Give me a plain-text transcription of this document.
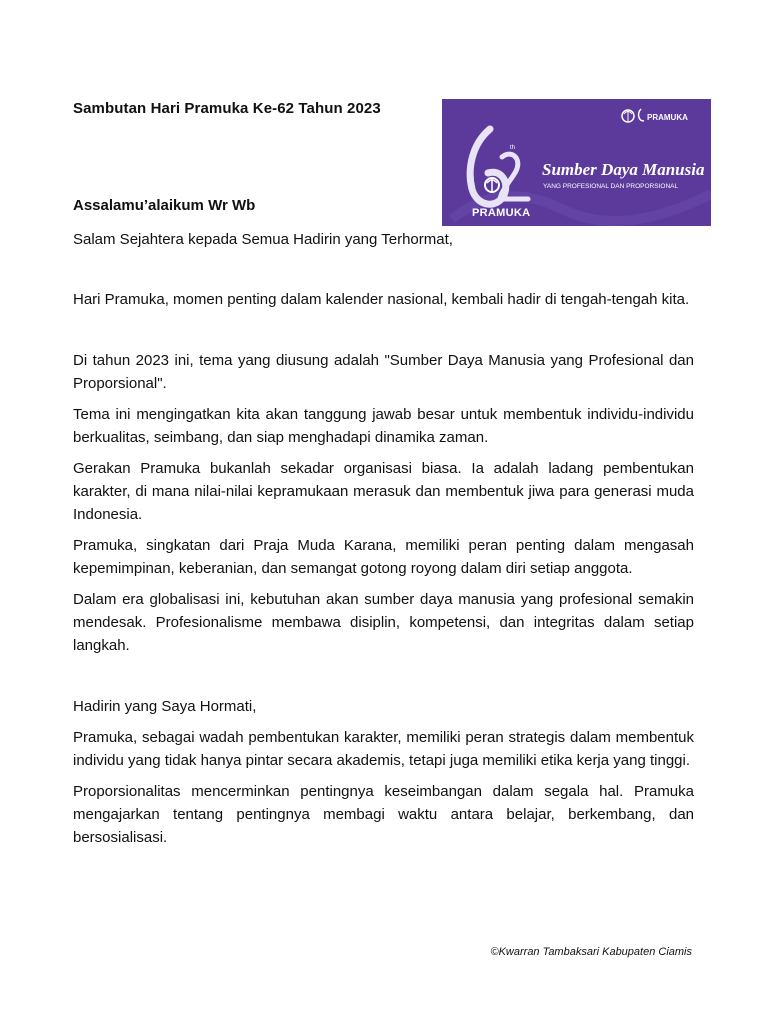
Sambutan Hari Pramuka Ke-62 Tahun 2023
th
PRAMUKA
PRAMUKA
Sumber Daya Manusia
YANG PROFESIONAL DAN PROPORSIONAL

Assalamu’alaikum Wr Wb

Salam Sejahtera kepada Semua Hadirin yang Terhormat,

Hari Pramuka, momen penting dalam kalender nasional, kembali hadir di tengah-tengah kita.

Di tahun 2023 ini, tema yang diusung adalah "Sumber Daya Manusia yang Profesional dan Proporsional".

Tema ini mengingatkan kita akan tanggung jawab besar untuk membentuk individu-individu berkualitas, seimbang, dan siap menghadapi dinamika zaman.

Gerakan Pramuka bukanlah sekadar organisasi biasa. Ia adalah ladang pembentukan karakter, di mana nilai-nilai kepramukaan merasuk dan membentuk jiwa para generasi muda Indonesia.

Pramuka, singkatan dari Praja Muda Karana, memiliki peran penting dalam mengasah kepemimpinan, keberanian, dan semangat gotong royong dalam diri setiap anggota.

Dalam era globalisasi ini, kebutuhan akan sumber daya manusia yang profesional semakin mendesak. Profesionalisme membawa disiplin, kompetensi, dan integritas dalam setiap langkah.

Hadirin yang Saya Hormati,

Pramuka, sebagai wadah pembentukan karakter, memiliki peran strategis dalam membentuk individu yang tidak hanya pintar secara akademis, tetapi juga memiliki etika kerja yang tinggi.

Proporsionalitas mencerminkan pentingnya keseimbangan dalam segala hal. Pramuka mengajarkan tentang pentingnya membagi waktu antara belajar, berkembang, dan bersosialisasi.

©Kwarran Tambaksari Kabupaten Ciamis
